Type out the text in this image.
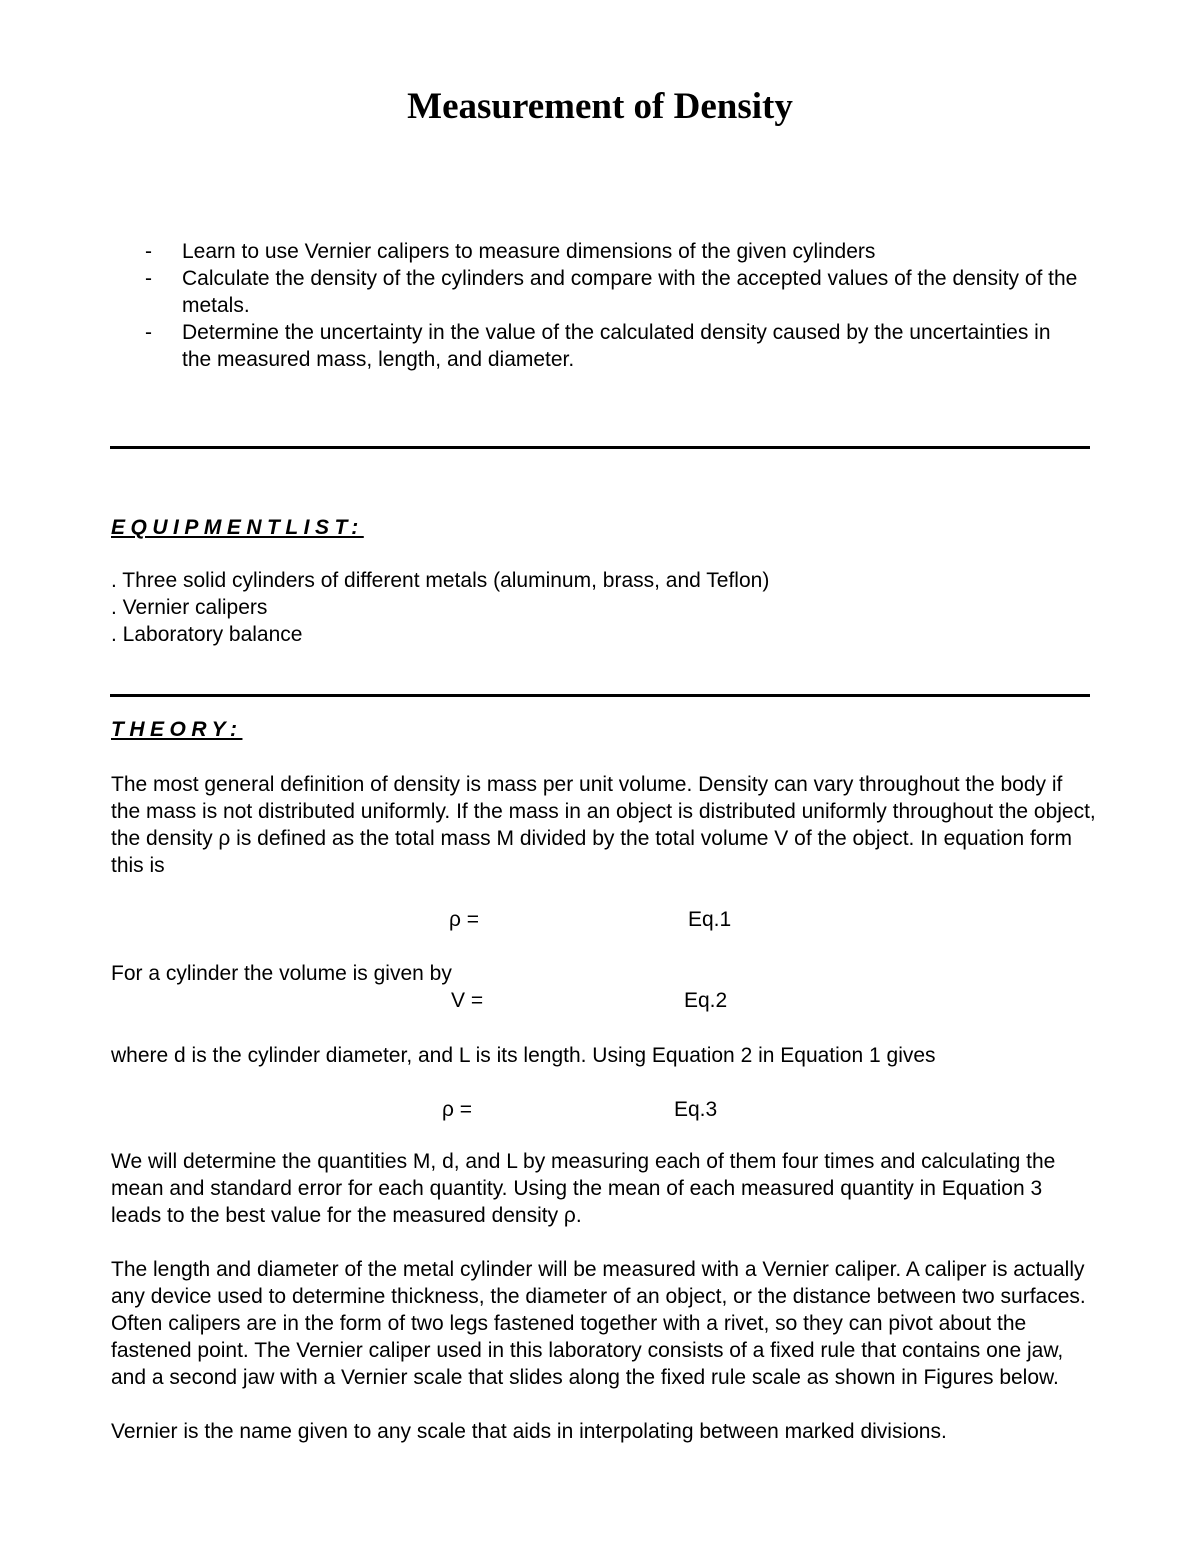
Measurement of Density
- Learn to use Vernier calipers to measure dimensions of the given cylinders
- Calculate the density of the cylinders and compare with the accepted values of the density of the metals.
- Determine the uncertainty in the value of the calculated density caused by the uncertainties in the measured mass, length, and diameter.
EQUIPMENTLIST:
. Three solid cylinders of different metals (aluminum, brass, and Teflon)
. Vernier calipers
. Laboratory balance
THEORY:

The most general definition of density is mass per unit volume. Density can vary throughout the body if the mass is not distributed uniformly. If the mass in an object is distributed uniformly throughout the object, the density ρ is defined as the total mass M divided by the total volume V of the object. In equation form this is

ρ =	Eq.1

For a cylinder the volume is given by

V =	Eq.2

where d is the cylinder diameter, and L is its length. Using Equation 2 in Equation 1 gives

ρ =	Eq.3

We will determine the quantities M, d, and L by measuring each of them four times and calculating the mean and standard error for each quantity. Using the mean of each measured quantity in Equation 3 leads to the best value for the measured density ρ.

The length and diameter of the metal cylinder will be measured with a Vernier caliper. A caliper is actually any device used to determine thickness, the diameter of an object, or the distance between two surfaces. Often calipers are in the form of two legs fastened together with a rivet, so they can pivot about the fastened point. The Vernier caliper used in this laboratory consists of a fixed rule that contains one jaw, and a second jaw with a Vernier scale that slides along the fixed rule scale as shown in Figures below.

Vernier is the name given to any scale that aids in interpolating between marked divisions.
